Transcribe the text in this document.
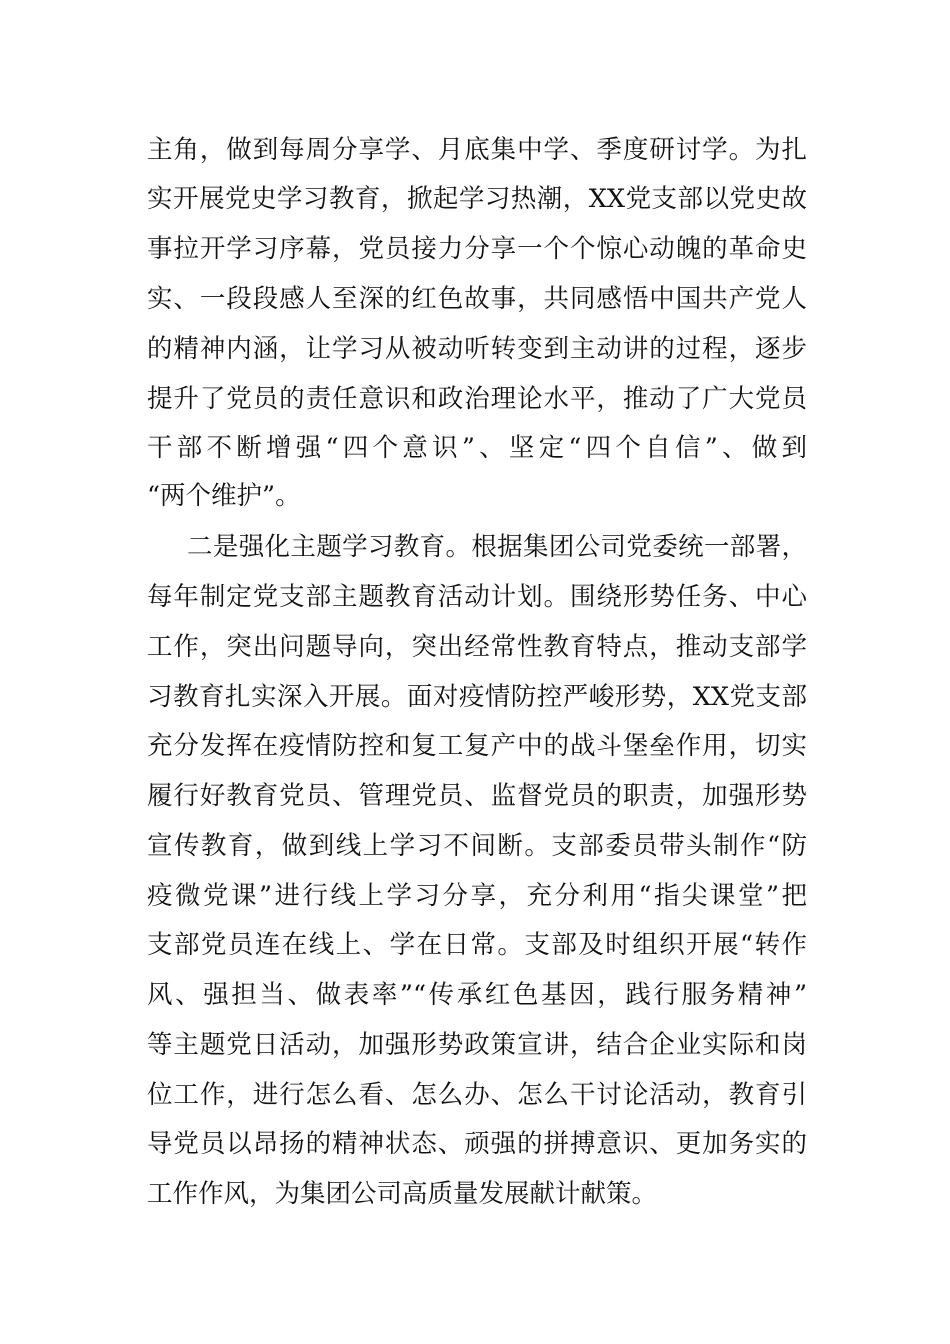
主角，做到每周分享学、月底集中学、季度研讨学。为扎
实开展党史学习教育，掀起学习热潮，XX党支部以党史故
事拉开学习序幕，党员接力分享一个个惊心动魄的革命史
实、一段段感人至深的红色故事，共同感悟中国共产党人
的精神内涵，让学习从被动听转变到主动讲的过程，逐步
提升了党员的责任意识和政治理论水平，推动了广大党员
干部不断增强“四个意识”、坚定“四个自信”、做到
“两个维护”。
二是强化主题学习教育。根据集团公司党委统一部署，
每年制定党支部主题教育活动计划。围绕形势任务、中心
工作，突出问题导向，突出经常性教育特点，推动支部学
习教育扎实深入开展。面对疫情防控严峻形势，XX党支部
充分发挥在疫情防控和复工复产中的战斗堡垒作用，切实
履行好教育党员、管理党员、监督党员的职责，加强形势
宣传教育，做到线上学习不间断。支部委员带头制作“防
疫微党课”进行线上学习分享，充分利用“指尖课堂”把
支部党员连在线上、学在日常。支部及时组织开展“转作
风、强担当、做表率”“传承红色基因，践行服务精神”
等主题党日活动，加强形势政策宣讲，结合企业实际和岗
位工作，进行怎么看、怎么办、怎么干讨论活动，教育引
导党员以昂扬的精神状态、顽强的拼搏意识、更加务实的
工作作风，为集团公司高质量发展献计献策。
